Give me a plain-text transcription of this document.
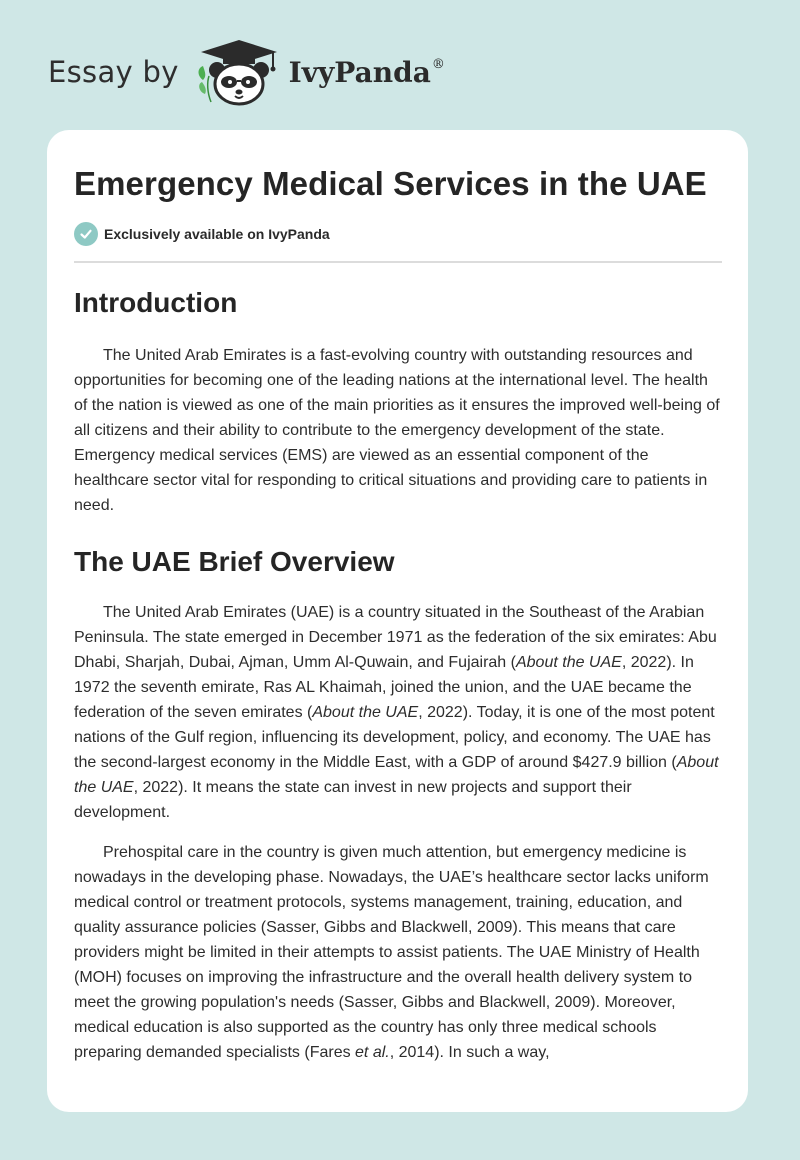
Essay by	IvyPanda®
Emergency Medical Services in the UAE
Exclusively available on IvyPanda
Introduction

The United Arab Emirates is a fast-evolving country with outstanding resources and opportunities for becoming one of the leading nations at the international level. The health of the nation is viewed as one of the main priorities as it ensures the improved well-being of all citizens and their ability to contribute to the emergency development of the state. Emergency medical services (EMS) are viewed as an essential component of the healthcare sector vital for responding to critical situations and providing care to patients in need.

The UAE Brief Overview

The United Arab Emirates (UAE) is a country situated in the Southeast of the Arabian Peninsula. The state emerged in December 1971 as the federation of the six emirates: Abu Dhabi, Sharjah, Dubai, Ajman, Umm Al-Quwain, and Fujairah (About the UAE, 2022). In 1972 the seventh emirate, Ras AL Khaimah, joined the union, and the UAE became the federation of the seven emirates (About the UAE, 2022). Today, it is one of the most potent nations of the Gulf region, influencing its development, policy, and economy. The UAE has the second-largest economy in the Middle East, with a GDP of around $427.9 billion (About the UAE, 2022). It means the state can invest in new projects and support their development.

Prehospital care in the country is given much attention, but emergency medicine is nowadays in the developing phase. Nowadays, the UAE’s healthcare sector lacks uniform medical control or treatment protocols, systems management, training, education, and quality assurance policies (Sasser, Gibbs and Blackwell, 2009). This means that care providers might be limited in their attempts to assist patients. The UAE Ministry of Health (MOH) focuses on improving the infrastructure and the overall health delivery system to meet the growing population's needs (Sasser, Gibbs and Blackwell, 2009). Moreover, medical education is also supported as the country has only three medical schools preparing demanded specialists (Fares et al., 2014). In such a way,
